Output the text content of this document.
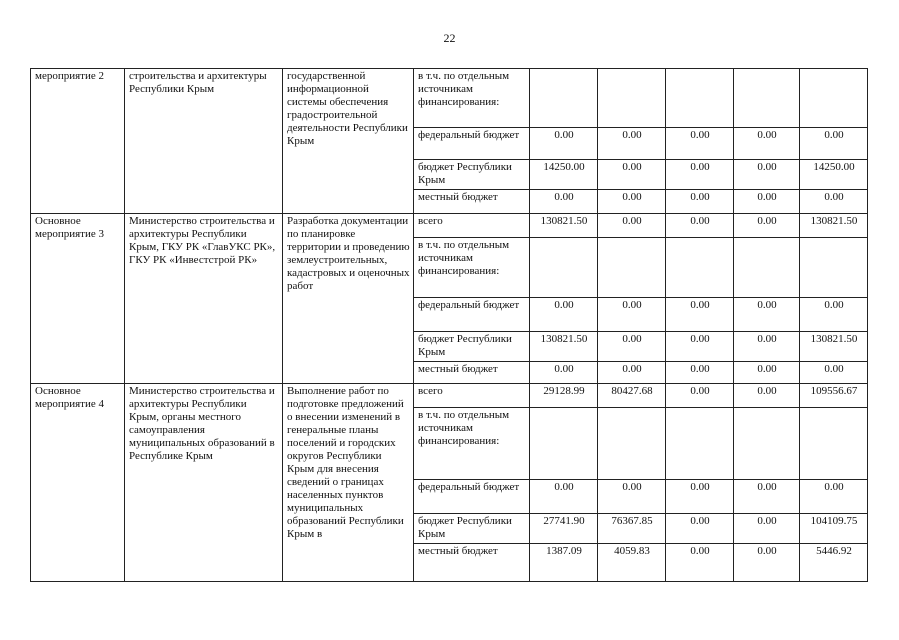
22
мероприятие 2	строительства и архитектуры Республики Крым	государственной информационной системы обеспечения градостроительной деятельности Республики Крым	в т.ч. по отдельным источникам финансирования:					
			федеральный бюджет	0.00	0.00	0.00	0.00	0.00
			бюджет Республики Крым	14250.00	0.00	0.00	0.00	14250.00
			местный бюджет	0.00	0.00	0.00	0.00	0.00

Основное мероприятие 3	Министерство строительства и архитектуры Республики Крым, ГКУ РК «ГлавУКС РК», ГКУ РК «Инвестстрой РК»	Разработка документации по планировке территории и проведению землеустроительных, кадастровых и оценочных работ	всего	130821.50	0.00	0.00	0.00	130821.50
			в т.ч. по отдельным источникам финансирования:					
			федеральный бюджет	0.00	0.00	0.00	0.00	0.00
			бюджет Республики Крым	130821.50	0.00	0.00	0.00	130821.50
			местный бюджет	0.00	0.00	0.00	0.00	0.00

Основное мероприятие 4	Министерство строительства и архитектуры Республики Крым, органы местного самоуправления муниципальных образований в Республике Крым	Выполнение работ по подготовке предложений о внесении изменений в генеральные планы поселений и городских округов Республики Крым для внесения сведений о границах населенных пунктов муниципальных образований Республики Крым в	всего	29128.99	80427.68	0.00	0.00	109556.67
			в т.ч. по отдельным источникам финансирования:					
			федеральный бюджет	0.00	0.00	0.00	0.00	0.00
			бюджет Республики Крым	27741.90	76367.85	0.00	0.00	104109.75
			местный бюджет	1387.09	4059.83	0.00	0.00	5446.92
